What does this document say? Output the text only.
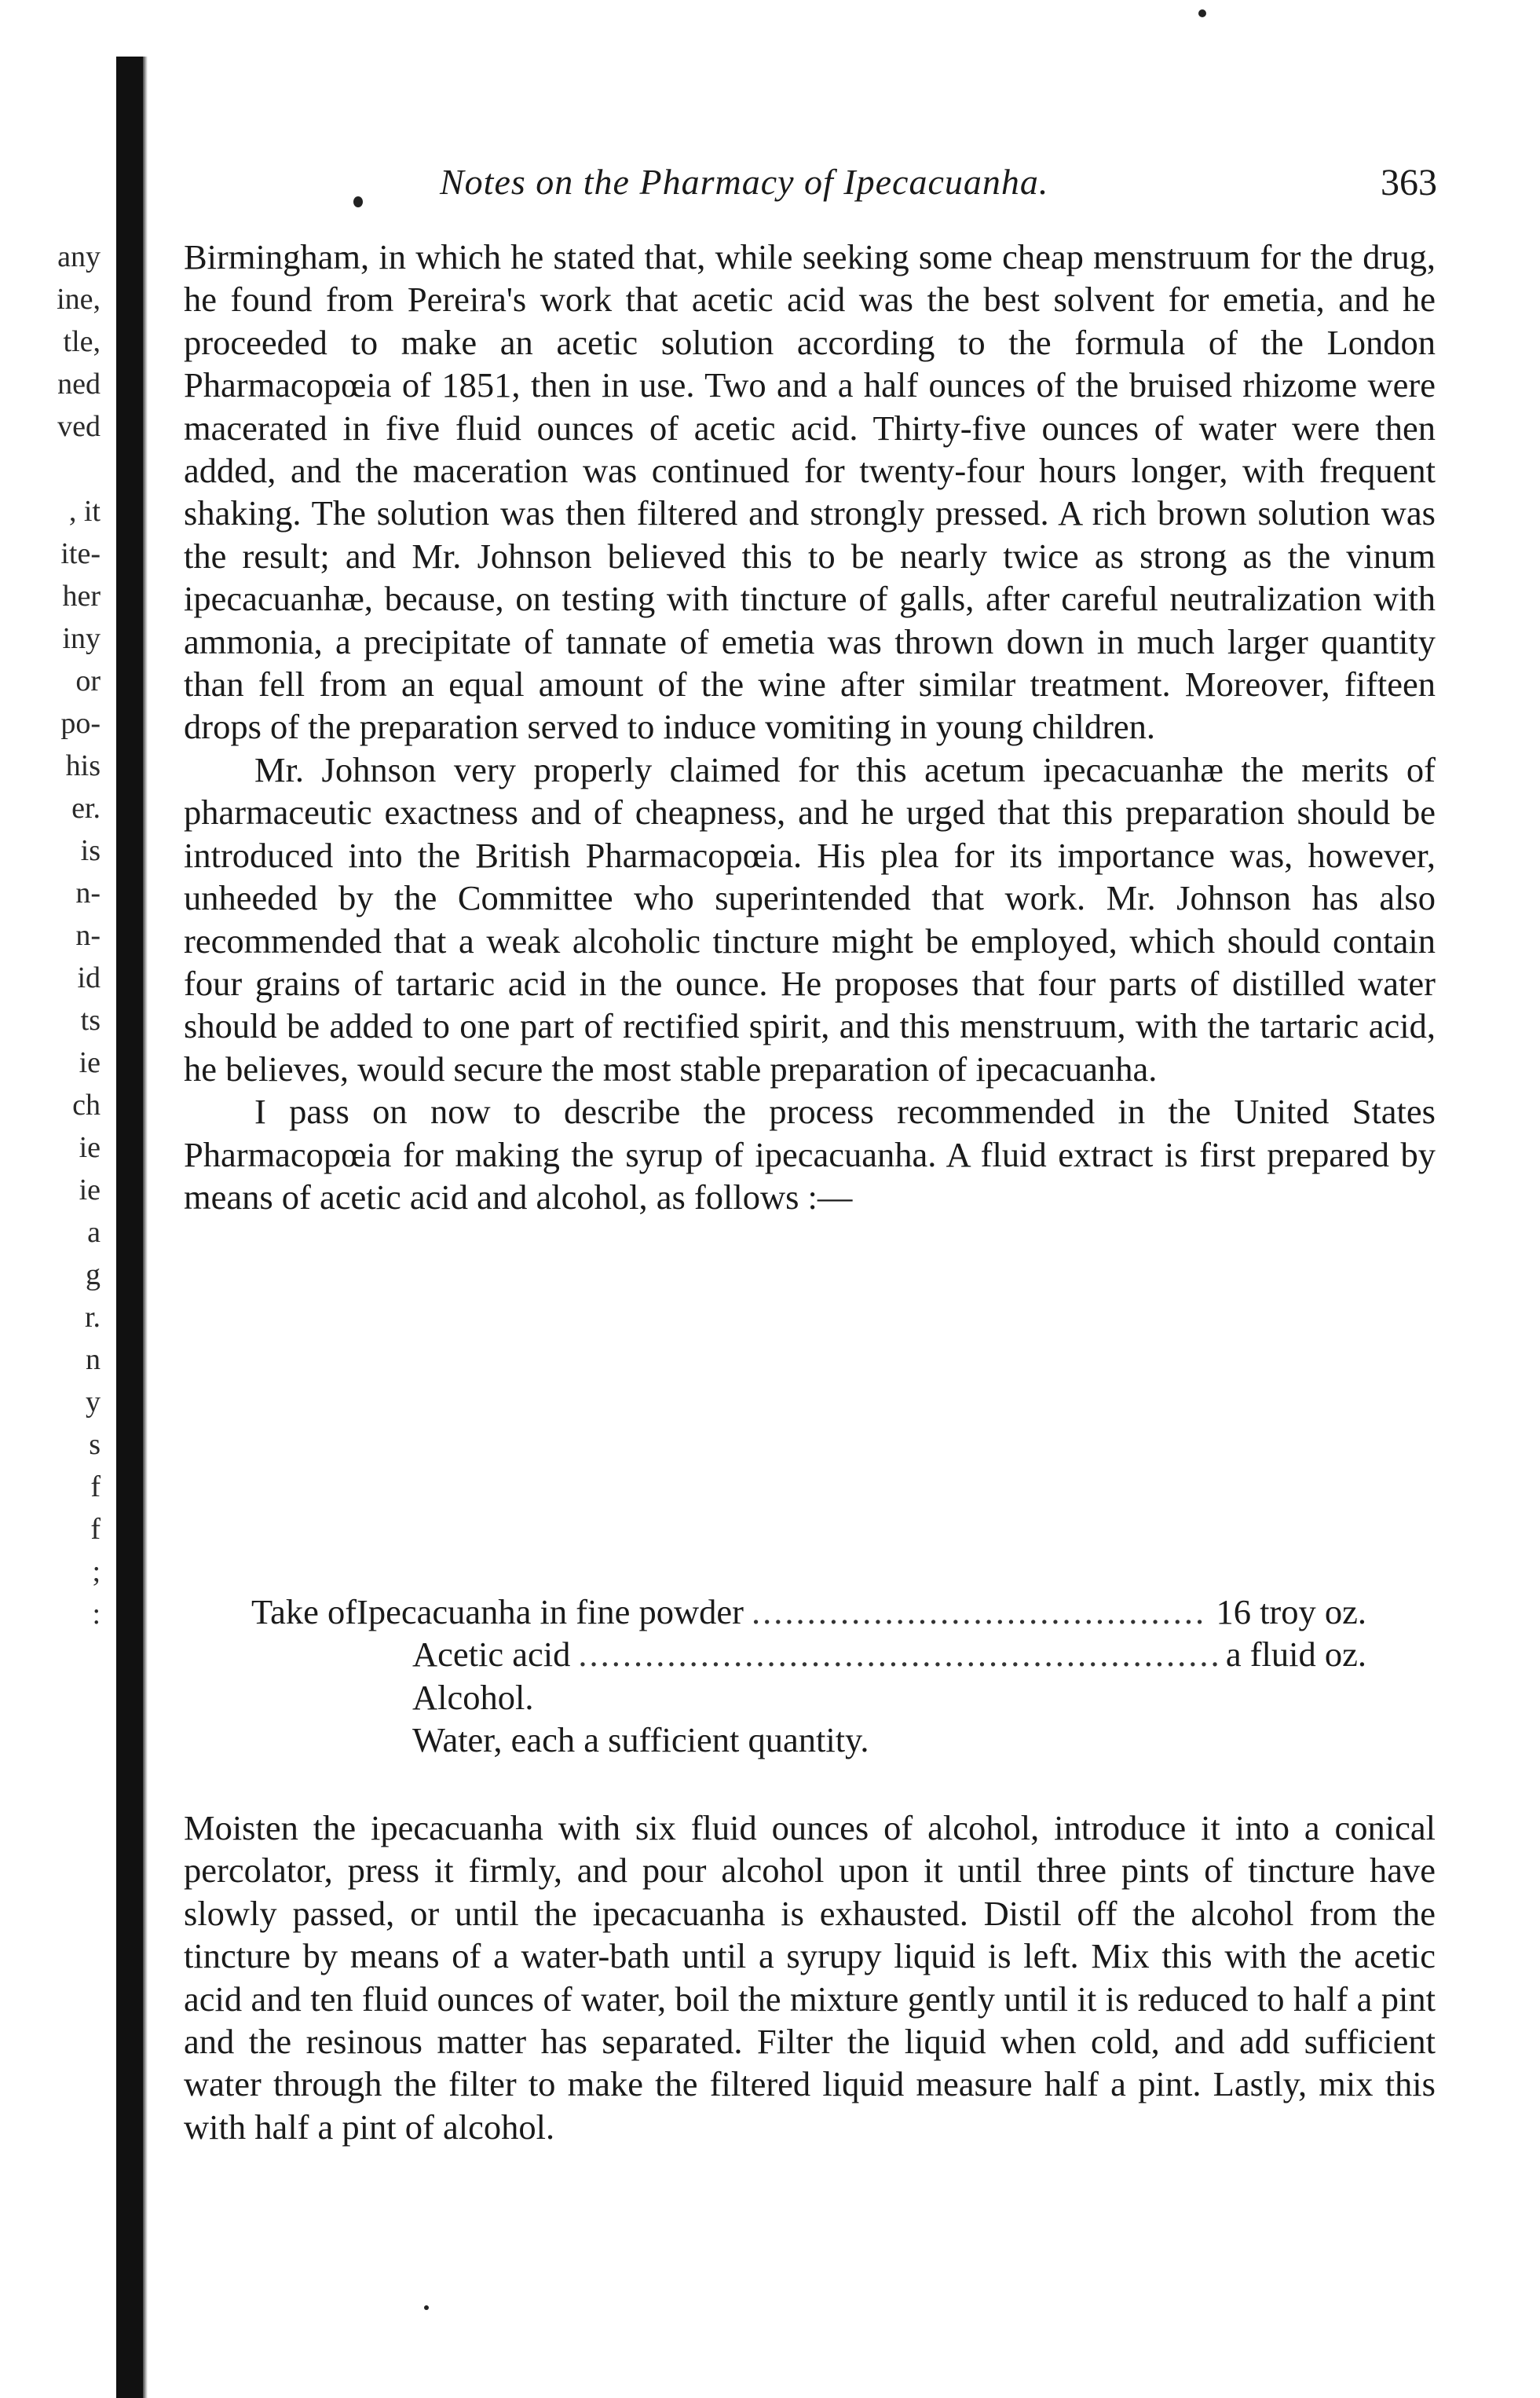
any
ine,
tle,
ned
ved
, it
ite-
her
iny
or
po-
his
er.
is
n-
n-
id
ts
ie
ch
ie
ie
a
g
r.
n
y
s
f
f
;
:
Notes on the Pharmacy of Ipecacuanha.	363

Birmingham, in which he stated that, while seeking some cheap menstruum for the drug, he found from Pereira's work that acetic acid was the best solvent for emetia, and he proceeded to make an acetic solution according to the formula of the London Pharmacopœia of 1851, then in use. Two and a half ounces of the bruised rhizome were macerated in five fluid ounces of acetic acid. Thirty-five ounces of water were then added, and the maceration was continued for twenty-four hours longer, with frequent shaking. The solution was then filtered and strongly pressed. A rich brown solution was the result; and Mr. Johnson believed this to be nearly twice as strong as the vinum ipecacuanhæ, because, on testing with tincture of galls, after careful neutralization with ammonia, a precipitate of tannate of emetia was thrown down in much larger quantity than fell from an equal amount of the wine after similar treatment. Moreover, fifteen drops of the preparation served to induce vomiting in young children.

Mr. Johnson very properly claimed for this acetum ipecacuanhæ the merits of pharmaceutic exactness and of cheapness, and he urged that this preparation should be introduced into the British Pharmacopœia. His plea for its importance was, however, unheeded by the Committee who superintended that work. Mr. Johnson has also recommended that a weak alcoholic tincture might be employed, which should contain four grains of tartaric acid in the ounce. He proposes that four parts of distilled water should be added to one part of rectified spirit, and this menstruum, with the tartaric acid, he believes, would secure the most stable preparation of ipecacuanha.

I pass on now to describe the process recommended in the United States Pharmacopœia for making the syrup of ipecacuanha. A fluid extract is first prepared by means of acetic acid and alcohol, as follows :—

Take of Ipecacuanha in fine powder .....	16 troy oz.
Acetic acid .....	a fluid oz.
Alcohol.
Water, each a sufficient quantity.

Moisten the ipecacuanha with six fluid ounces of alcohol, introduce it into a conical percolator, press it firmly, and pour alcohol upon it until three pints of tincture have slowly passed, or until the ipecacuanha is exhausted. Distil off the alcohol from the tincture by means of a water-bath until a syrupy liquid is left. Mix this with the acetic acid and ten fluid ounces of water, boil the mixture gently until it is reduced to half a pint and the resinous matter has separated. Filter the liquid when cold, and add sufficient water through the filter to make the filtered liquid measure half a pint. Lastly, mix this with half a pint of alcohol.
